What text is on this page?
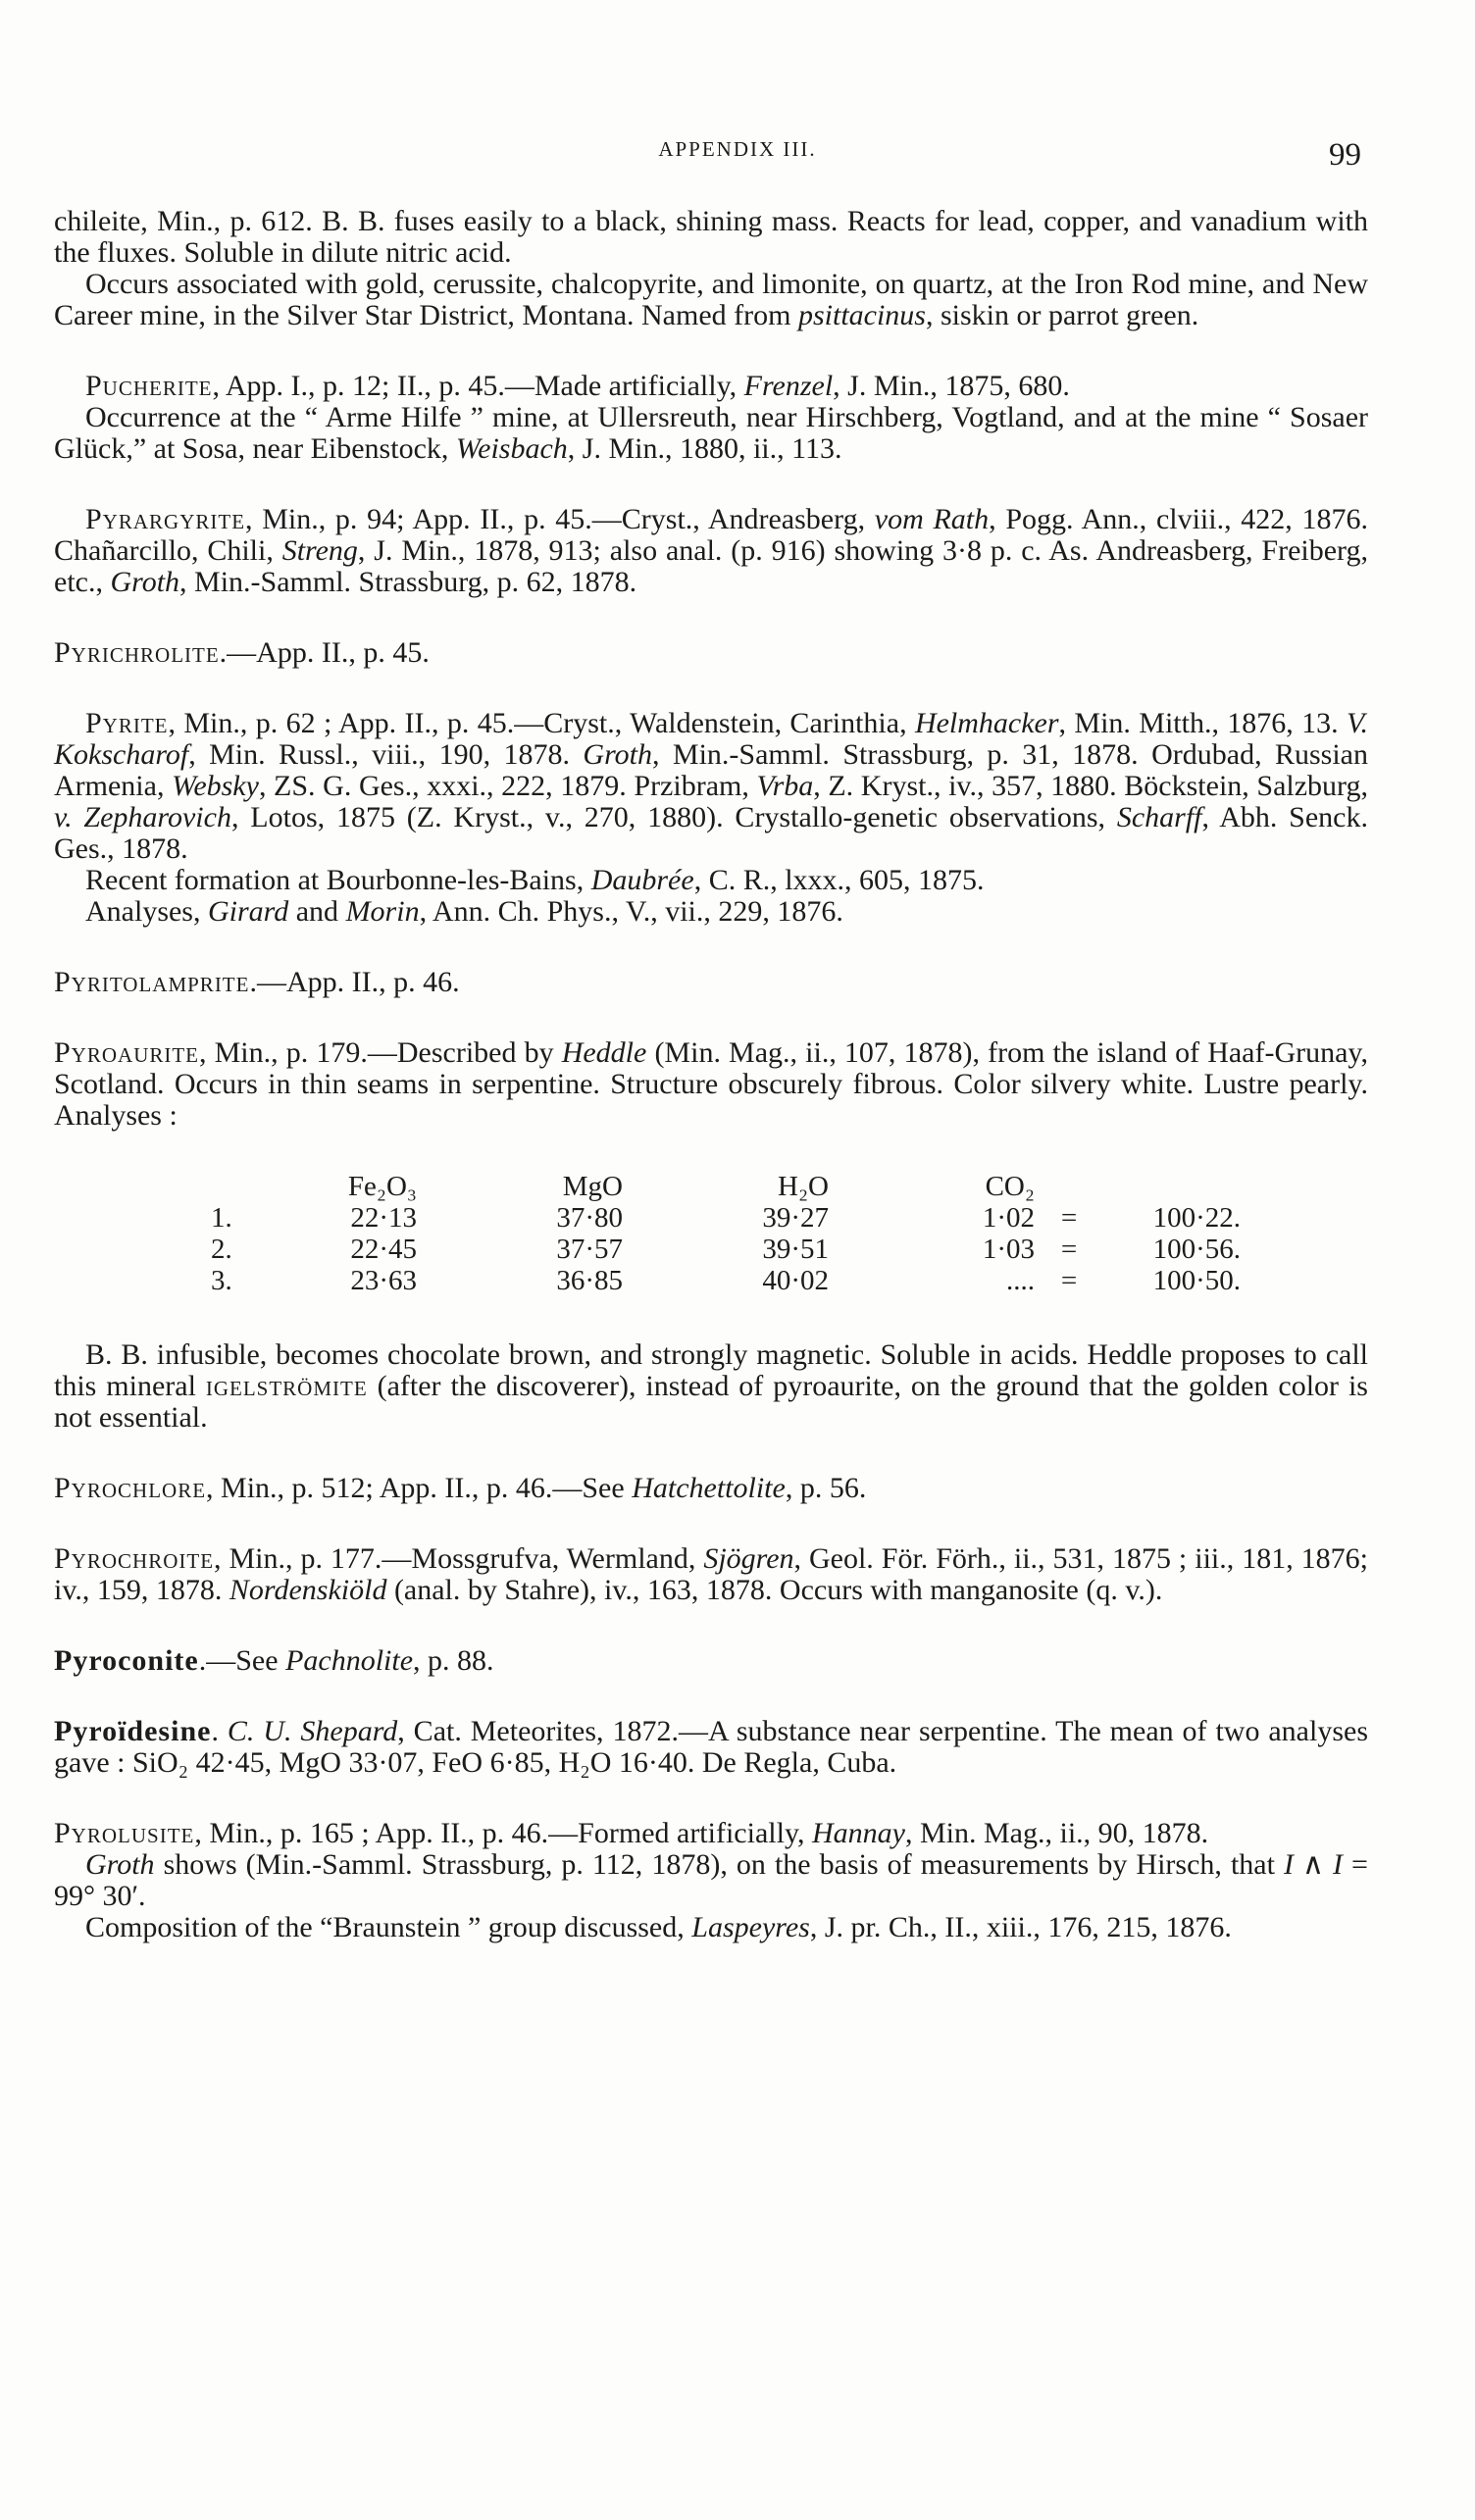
APPENDIX III.	99

chileite, Min., p. 612. B. B. fuses easily to a black, shining mass. Reacts for lead, copper, and vanadium with the fluxes. Soluble in dilute nitric acid.

Occurs associated with gold, cerussite, chalcopyrite, and limonite, on quartz, at the Iron Rod mine, and New Career mine, in the Silver Star District, Montana. Named from psittacinus, siskin or parrot green.

Pucherite, App. I., p. 12; II., p. 45.—Made artificially, Frenzel, J. Min., 1875, 680.

Occurrence at the “ Arme Hilfe ” mine, at Ullersreuth, near Hirschberg, Vogtland, and at the mine “ Sosaer Glück,” at Sosa, near Eibenstock, Weisbach, J. Min., 1880, ii., 113.

Pyrargyrite, Min., p. 94; App. II., p. 45.—Cryst., Andreasberg, vom Rath, Pogg. Ann., clviii., 422, 1876. Chañarcillo, Chili, Streng, J. Min., 1878, 913; also anal. (p. 916) showing 3·8 p. c. As. Andreasberg, Freiberg, etc., Groth, Min.-Samml. Strassburg, p. 62, 1878.

Pyrichrolite.—App. II., p. 45.

Pyrite, Min., p. 62 ; App. II., p. 45.—Cryst., Waldenstein, Carinthia, Helmhacker, Min. Mitth., 1876, 13. V. Kokscharof, Min. Russl., viii., 190, 1878. Groth, Min.-Samml. Strassburg, p. 31, 1878. Ordubad, Russian Armenia, Websky, ZS. G. Ges., xxxi., 222, 1879. Przibram, Vrba, Z. Kryst., iv., 357, 1880. Böckstein, Salzburg, v. Zepharovich, Lotos, 1875 (Z. Kryst., v., 270, 1880). Crystallo-genetic observations, Scharff, Abh. Senck. Ges., 1878.

Recent formation at Bourbonne-les-Bains, Daubrée, C. R., lxxx., 605, 1875.

Analyses, Girard and Morin, Ann. Ch. Phys., V., vii., 229, 1876.

Pyritolamprite.—App. II., p. 46.

Pyroaurite, Min., p. 179.—Described by Heddle (Min. Mag., ii., 107, 1878), from the island of Haaf-Grunay, Scotland. Occurs in thin seams in serpentine. Structure obscurely fibrous. Color silvery white. Lustre pearly. Analyses :

	Fe₂O₃	MgO	H₂O	CO₂		
1.	22·13	37·80	39·27	1·02	=	100·22.
2.	22·45	37·57	39·51	1·03	=	100·56.
3.	23·63	36·85	40·02	....	=	100·50.

B. B. infusible, becomes chocolate brown, and strongly magnetic. Soluble in acids. Heddle proposes to call this mineral igelströmite (after the discoverer), instead of pyroaurite, on the ground that the golden color is not essential.

Pyrochlore, Min., p. 512; App. II., p. 46.—See Hatchettolite, p. 56.

Pyrochroite, Min., p. 177.—Mossgrufva, Wermland, Sjögren, Geol. För. Förh., ii., 531, 1875 ; iii., 181, 1876; iv., 159, 1878. Nordenskiöld (anal. by Stahre), iv., 163, 1878. Occurs with manganosite (q. v.).

Pyroconite.—See Pachnolite, p. 88.

Pyroïdesine. C. U. Shepard, Cat. Meteorites, 1872.—A substance near serpentine. The mean of two analyses gave : SiO₂ 42·45, MgO 33·07, FeO 6·85, H₂O 16·40. De Regla, Cuba.

Pyrolusite, Min., p. 165 ; App. II., p. 46.—Formed artificially, Hannay, Min. Mag., ii., 90, 1878.

Groth shows (Min.-Samml. Strassburg, p. 112, 1878), on the basis of measurements by Hirsch, that I ∧ I = 99° 30′.

Composition of the “Braunstein ” group discussed, Laspeyres, J. pr. Ch., II., xiii., 176, 215, 1876.
